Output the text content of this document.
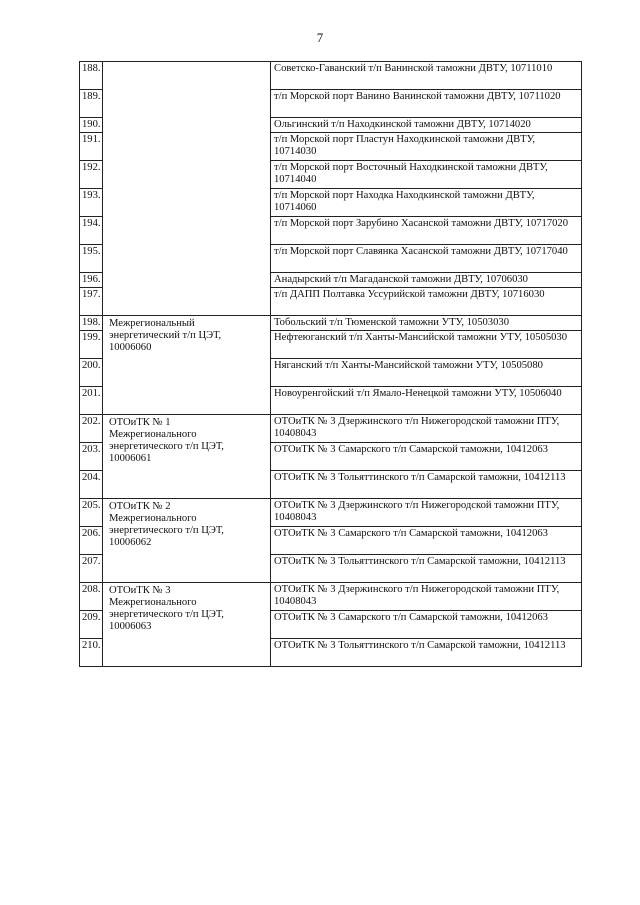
7
188.		Советско-Гаванский т/п Ванинской таможни ДВТУ, 10711010
189.		т/п Морской порт Ванино Ванинской таможни ДВТУ, 10711020
190.		Ольгинский т/п Находкинской таможни ДВТУ, 10714020
191.		т/п Морской порт Пластун Находкинской таможни ДВТУ, 10714030
192.		т/п Морской порт Восточный Находкинской таможни ДВТУ, 10714040
193.		т/п Морской порт Находка Находкинской таможни ДВТУ, 10714060
194.		т/п Морской порт Зарубино Хасанской таможни ДВТУ, 10717020
195.		т/п Морской порт Славянка Хасанской таможни ДВТУ, 10717040
196.		Анадырский т/п Магаданской таможни ДВТУ, 10706030
197.		т/п ДАПП Полтавка Уссурийской таможни ДВТУ, 10716030
198.	Межрегиональный
энергетический т/п ЦЭТ,
10006060	Тобольский т/п Тюменской таможни УТУ, 10503030
199.		Нефтеюганский т/п Ханты-Мансийской таможни УТУ, 10505030
200.		Няганский т/п Ханты-Мансийской таможни УТУ, 10505080
201.		Новоуренгойский т/п Ямало-Ненецкой таможни УТУ, 10506040
202.	ОТОиТК № 1
Межрегионального
энергетического т/п ЦЭТ,
10006061	ОТОиТК № 3 Дзержинского т/п Нижегородской таможни ПТУ, 10408043
203.		ОТОиТК № 3 Самарского т/п Самарской таможни, 10412063
204.		ОТОиТК № 3 Тольяттинского т/п Самарской таможни, 10412113
205.	ОТОиТК № 2
Межрегионального
энергетического т/п ЦЭТ,
10006062	ОТОиТК № 3 Дзержинского т/п Нижегородской таможни ПТУ, 10408043
206.		ОТОиТК № 3 Самарского т/п Самарской таможни, 10412063
207.		ОТОиТК № 3 Тольяттинского т/п Самарской таможни, 10412113
208.	ОТОиТК № 3
Межрегионального
энергетического т/п ЦЭТ,
10006063	ОТОиТК № 3 Дзержинского т/п Нижегородской таможни ПТУ, 10408043
209.		ОТОиТК № 3 Самарского т/п Самарской таможни, 10412063
210.		ОТОиТК № 3 Тольяттинского т/п Самарской таможни, 10412113
